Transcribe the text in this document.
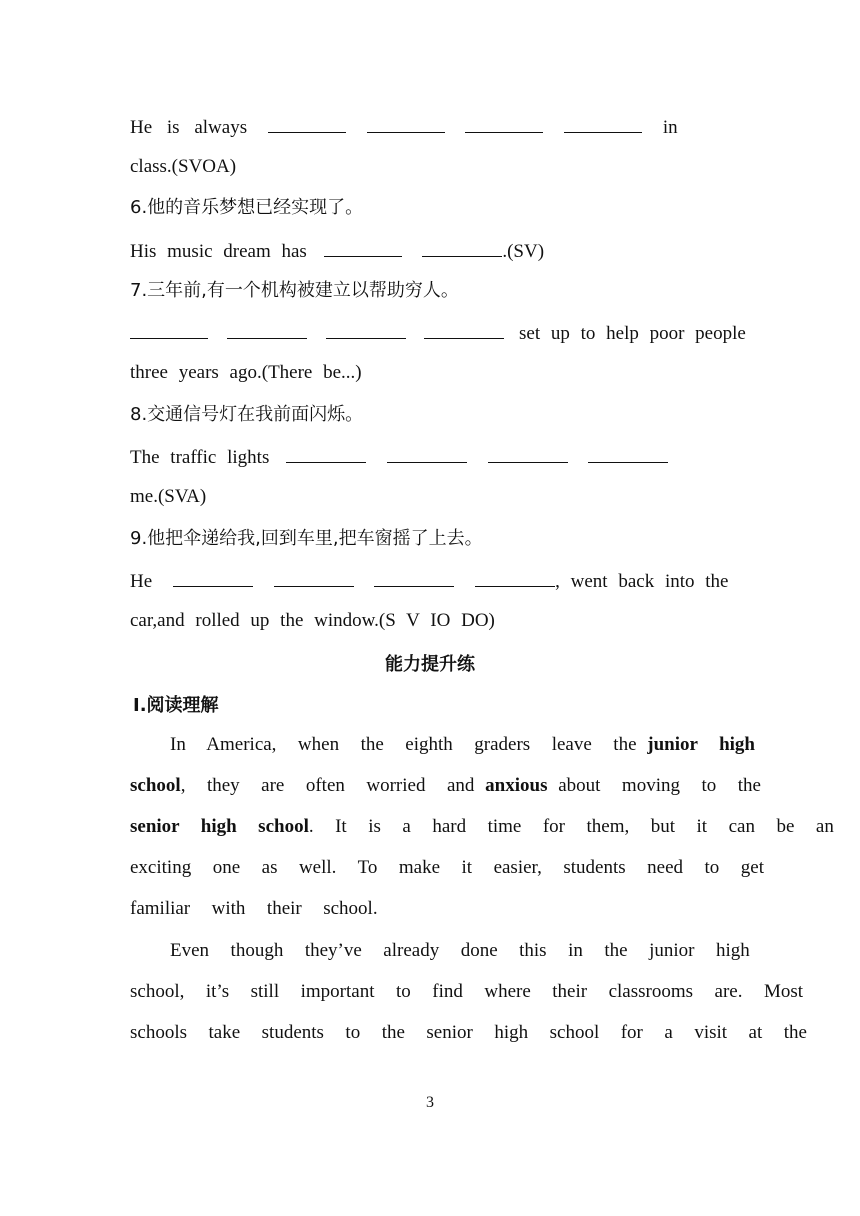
He is always	in
class.(SVOA)
6.他的音乐梦想已经实现了。
His music dream has	.(SV)
7.三年前,有一个机构被建立以帮助穷人。
set up to help poor people
three years ago.(There be...)
8.交通信号灯在我前面闪烁。
The traffic lights
me.(SVA)
9.他把伞递给我,回到车里,把车窗摇了上去。
He	, went back into the
car,and rolled up the window.(S V IO DO)
能力提升练
Ⅰ.阅读理解
In  America,  when  the  eighth  graders  leave  the junior  high
school,  they  are  often  worried  and anxious about  moving  to  the
senior  high  school.  It  is  a  hard  time  for  them,  but  it  can  be  an
exciting  one  as  well.  To  make  it  easier,  students  need  to  get
familiar  with  their  school.
Even  though  they’ve  already  done  this  in  the  junior  high
school,  it’s  still  important  to  find  where  their  classrooms  are.  Most
schools  take  students  to  the  senior  high  school  for  a  visit  at  the
3
